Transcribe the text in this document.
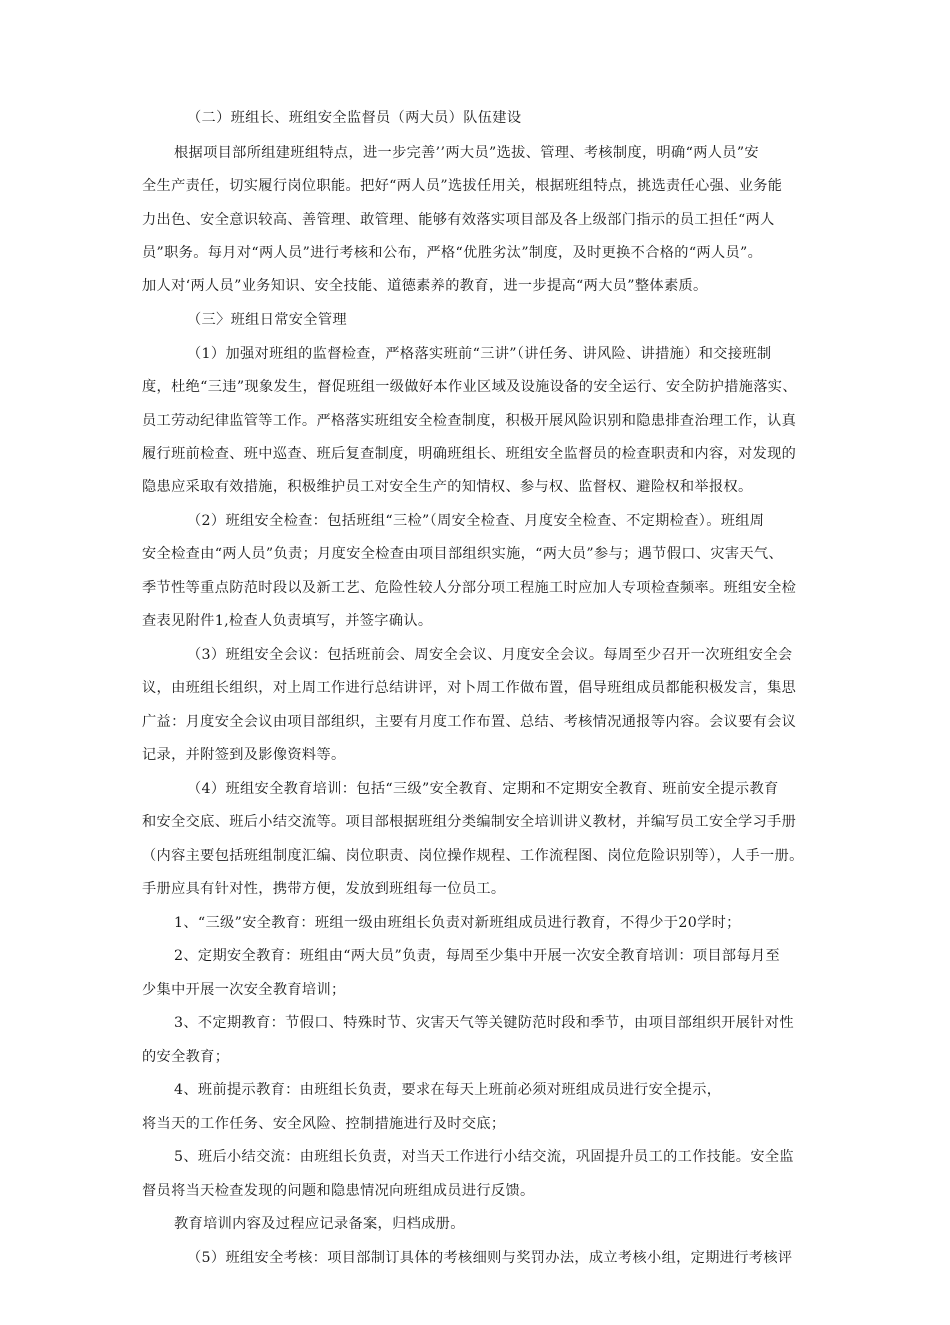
（二）班组长、班组安全监督员（两大员）队伍建设
根据项目部所组建班组特点，进一步完善’’两大员”选拔、管理、考核制度，明确“两人员”安
全生产责任，切实履行岗位职能。把好“两人员”选拔任用关，根据班组特点，挑选责任心强、业务能
力出色、安全意识较高、善管理、敢管理、能够有效落实项目部及各上级部门指示的员工担任“两人
员”职务。每月对“两人员”进行考核和公布，严格“优胜劣汰”制度，及时更换不合格的“两人员”。
加人对‘两人员”业务知识、安全技能、道德素养的教育，进一步提高“两大员”整体素质。
（三〉班组日常安全管理
（1）加强对班组的监督检查，严格落实班前“三讲”（讲任务、讲风险、讲措施）和交接班制
度，杜绝“三违”现象发生，督促班组一级做好本作业区域及设施设备的安全运行、安全防护措施落实、
员工劳动纪律监管等工作。严格落实班组安全检查制度，积极开展风险识别和隐患排查治理工作，认真
履行班前检查、班中巡查、班后复查制度，明确班组长、班组安全监督员的检查职责和内容，对发现的
隐患应采取有效措施，积极维护员工对安全生产的知情权、参与权、监督权、避险权和举报权。
（2）班组安全检查：包括班组“三检”（周安全检查、月度安全检查、不定期检查）。班组周
安全检查由“两人员”负责；月度安全检查由项目部组织实施，“两大员”参与；遇节假口、灾害天气、
季节性等重点防范时段以及新工艺、危险性较人分部分项工程施工时应加人专项检查频率。班组安全检
查表见附件1,检查人负责填写，并签字确认。
（3）班组安全会议：包括班前会、周安全会议、月度安全会议。每周至少召开一次班组安全会
议，由班组长组织，对上周工作进行总结讲评，对卜周工作做布置，倡导班组成员都能积极发言，集思
广益：月度安全会议由项目部组织，主要有月度工作布置、总结、考核情况通报等内容。会议要有会议
记录，并附签到及影像资料等。
（4）班组安全教育培训：包括“三级”安全教育、定期和不定期安全教育、班前安全提示教育
和安全交底、班后小结交流等。项目部根据班组分类编制安全培训讲义教材，并编写员工安全学习手册
（内容主要包括班组制度汇编、岗位职责、岗位操作规程、工作流程图、岗位危险识别等），人手一册。
手册应具有针对性，携带方便，发放到班组每一位员工。
1、“三级”安全教育：班组一级由班组长负责对新班组成员进行教育，不得少于20学时；
2、定期安全教育：班组由“两大员”负责，每周至少集中开展一次安全教育培训：项目部每月至
少集中开展一次安全教育培训；
3、不定期教育：节假口、特殊时节、灾害天气等关键防范时段和季节，由项目部组织开展针对性
的安全教育；
4、班前提示教育：由班组长负责，要求在每天上班前必须对班组成员进行安全提示，
将当天的工作任务、安全风险、控制措施进行及时交底；
5、班后小结交流：由班组长负责，对当天工作进行小结交流，巩固提升员工的工作技能。安全监
督员将当天检查发现的问题和隐患情况向班组成员进行反馈。
教育培训内容及过程应记录备案，归档成册。
（5）班组安全考核：项目部制订具体的考核细则与奖罚办法，成立考核小组，定期进行考核评
